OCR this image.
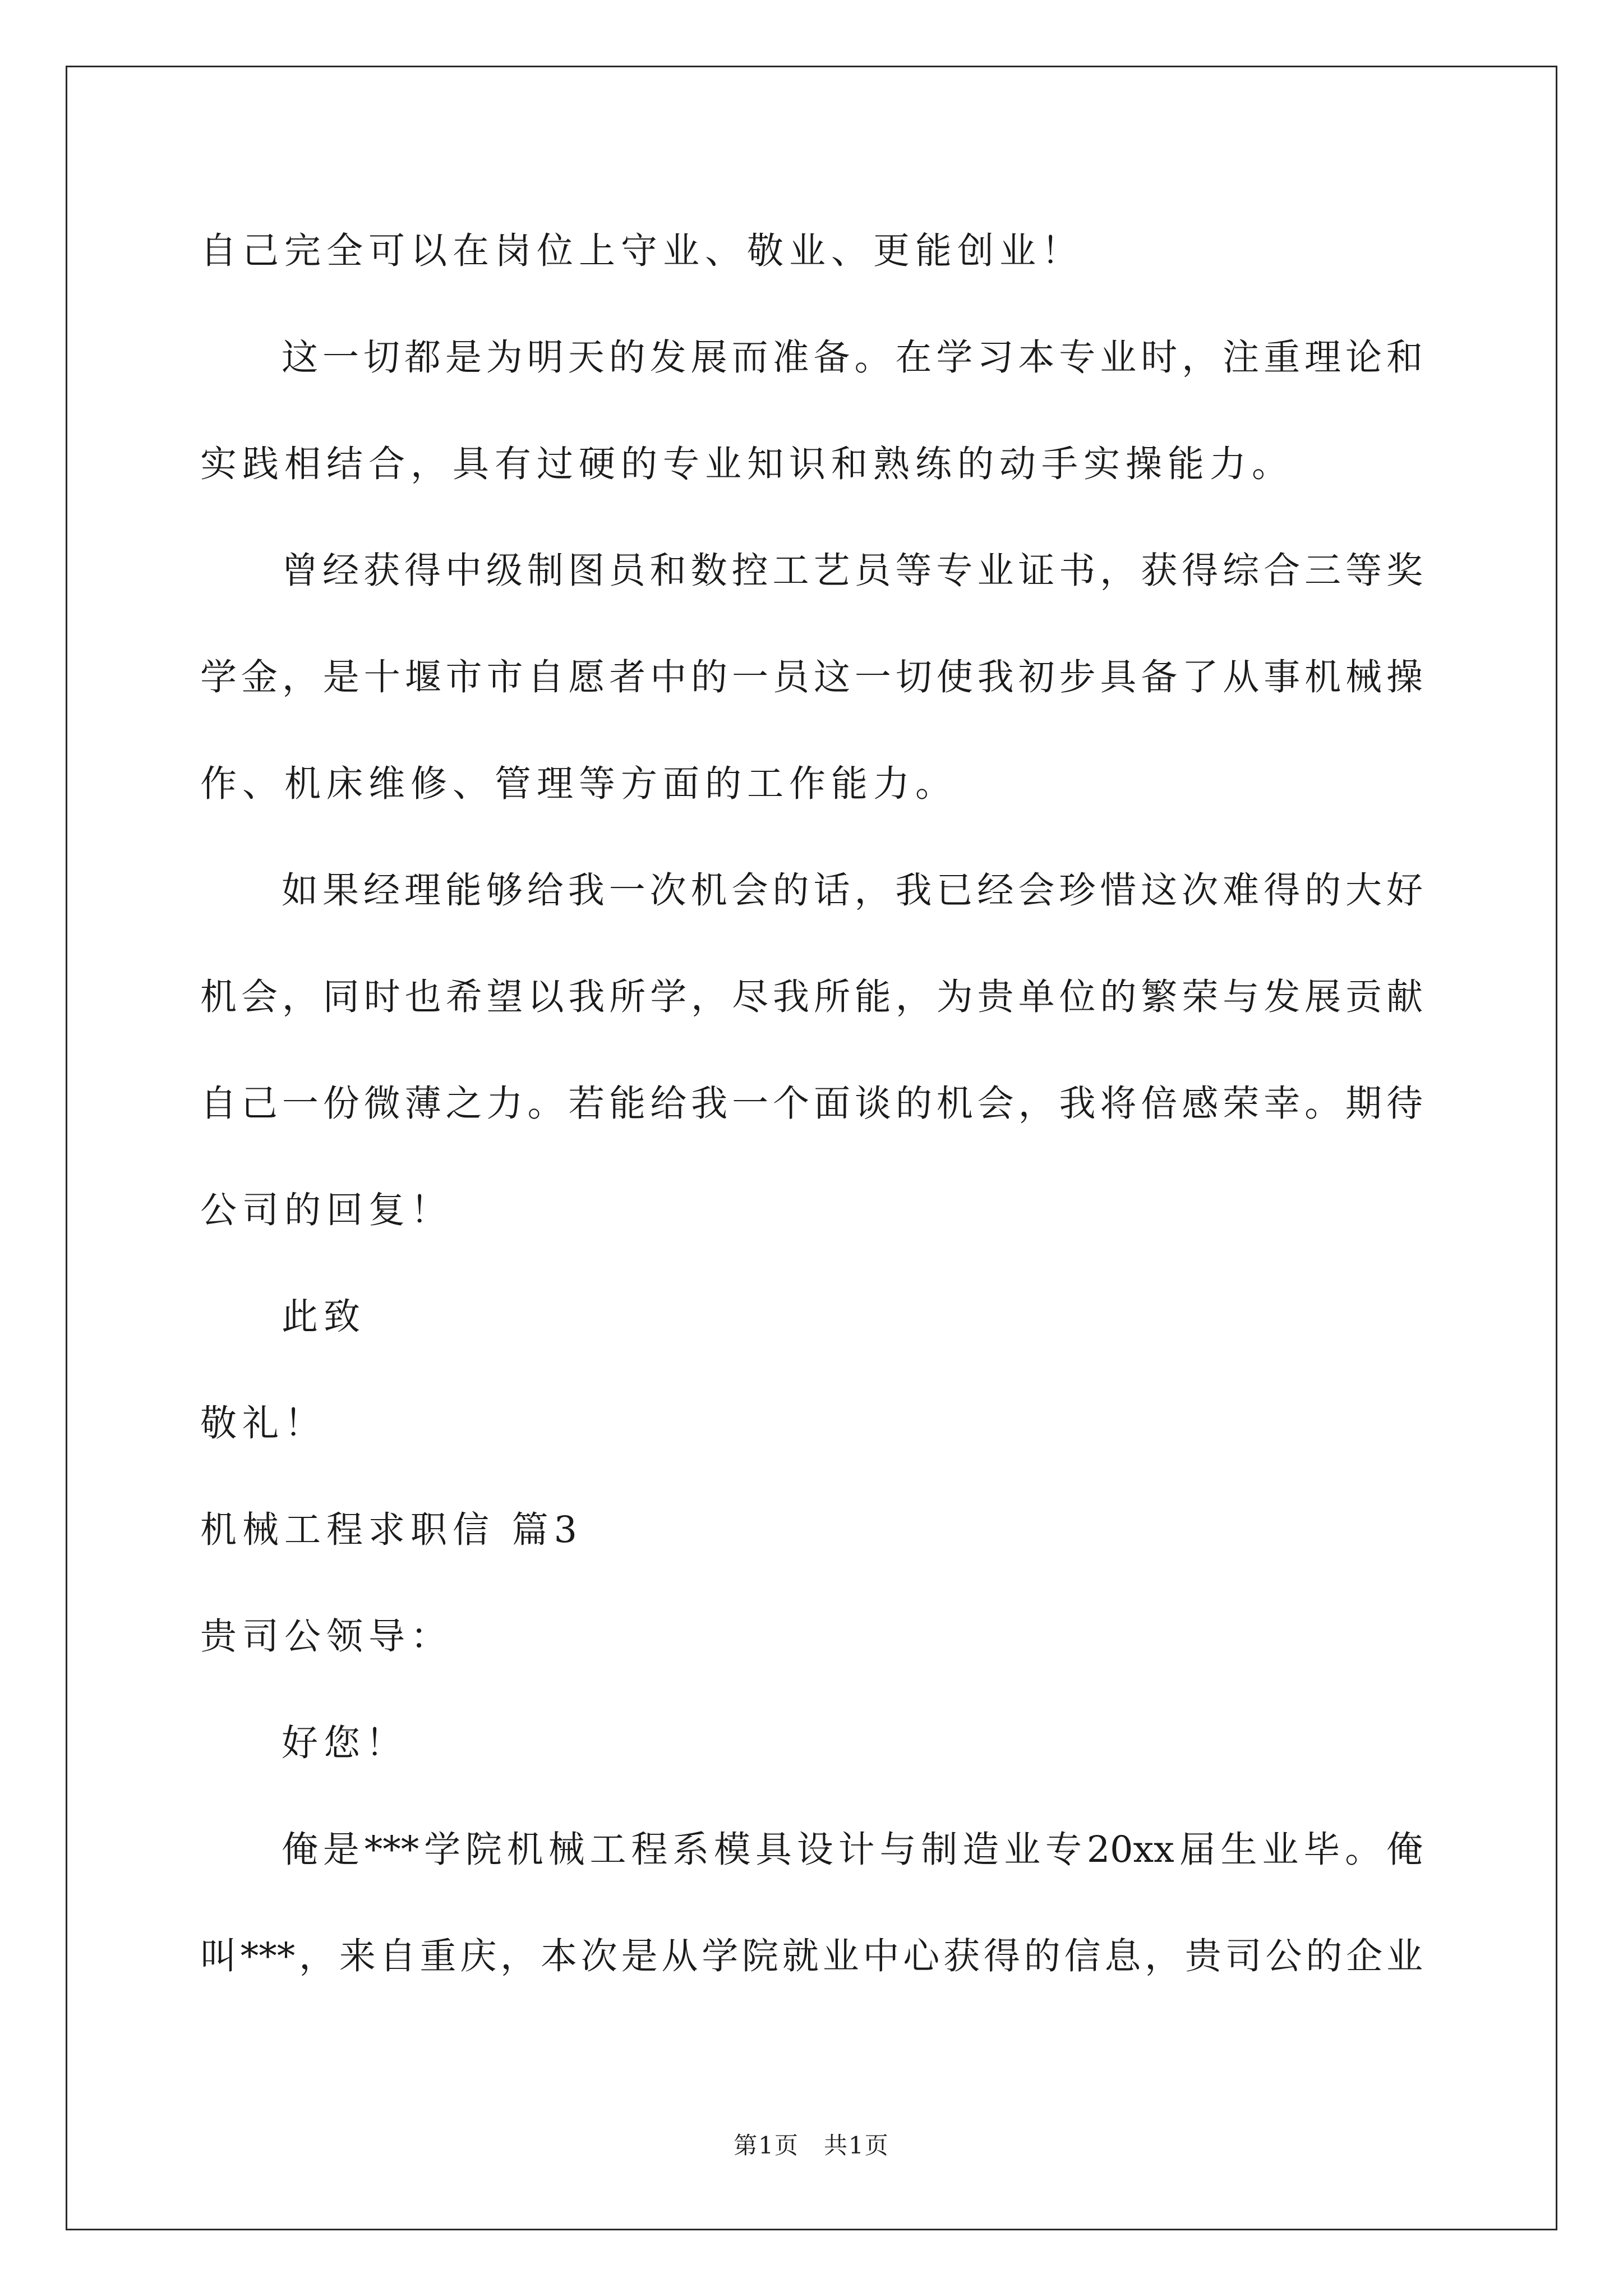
自己完全可以在岗位上守业、敬业、更能创业！

这一切都是为明天的发展而准备。在学习本专业时，注重理论和

实践相结合，具有过硬的专业知识和熟练的动手实操能力。

曾经获得中级制图员和数控工艺员等专业证书，获得综合三等奖

学金，是十堰市市自愿者中的一员这一切使我初步具备了从事机械操

作、机床维修、管理等方面的工作能力。

如果经理能够给我一次机会的话，我已经会珍惜这次难得的大好

机会，同时也希望以我所学，尽我所能，为贵单位的繁荣与发展贡献

自己一份微薄之力。若能给我一个面谈的机会，我将倍感荣幸。期待

公司的回复！

此致

敬礼！

机械工程求职信 篇3

贵司公领导：

好您！

俺是***学院机械工程系模具设计与制造业专20xx届生业毕。俺

叫***，来自重庆，本次是从学院就业中心获得的信息，贵司公的企业

第1页　共1页
